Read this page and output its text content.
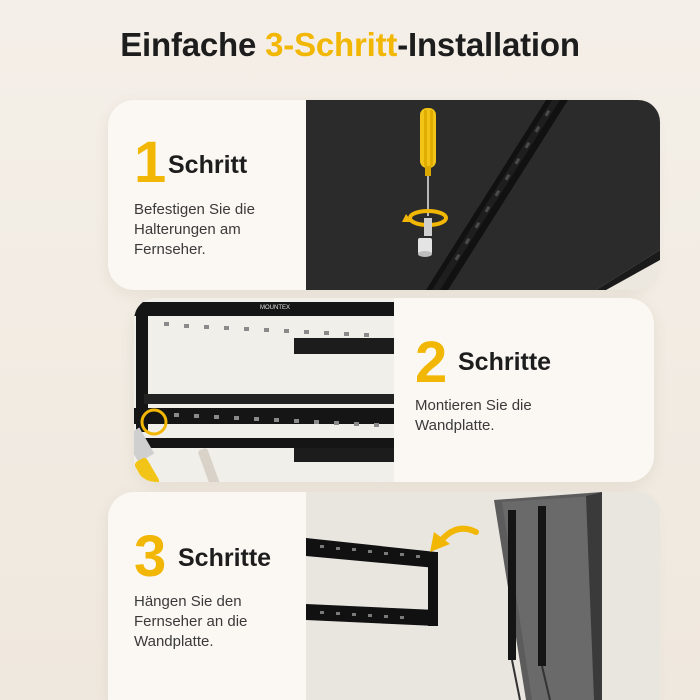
Einfache 3-Schritt-Installation
1 Schritt
Befestigen Sie die Halterungen am Fernseher.
MOUNTEX
2 Schritte
Montieren Sie die Wandplatte.
3 Schritte
Hängen Sie den Fernseher an die Wandplatte.
